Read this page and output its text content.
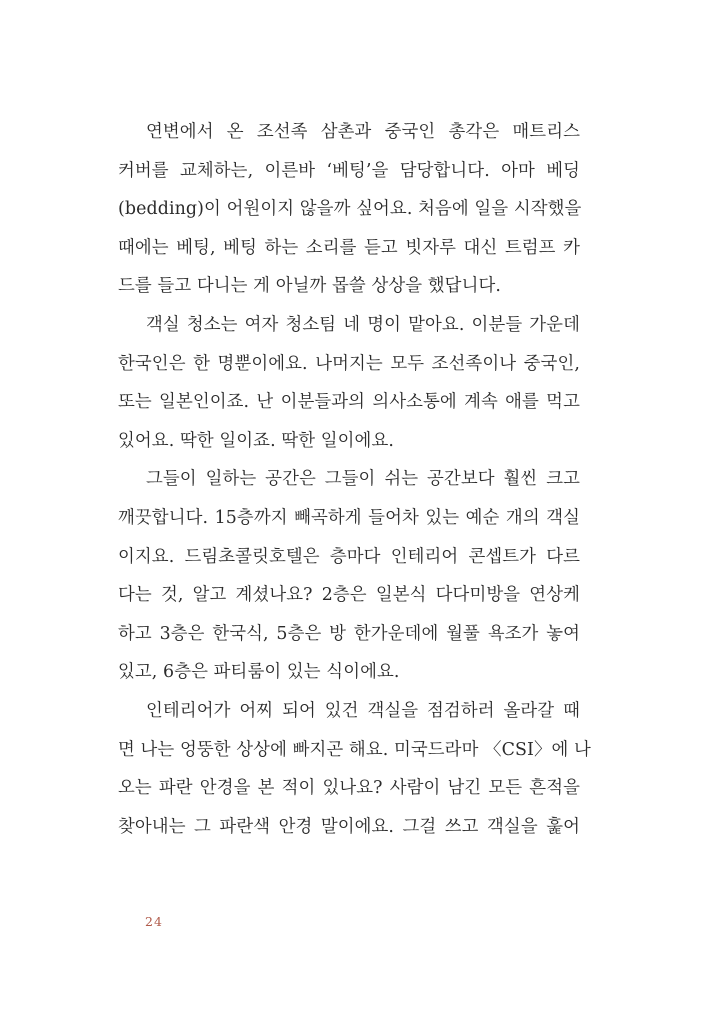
연변에서 온 조선족 삼촌과 중국인 총각은 매트리스
커버를 교체하는, 이른바 ‘베팅’을 담당합니다. 아마 베딩
(bedding)이 어원이지 않을까 싶어요. 처음에 일을 시작했을
때에는 베팅, 베팅 하는 소리를 듣고 빗자루 대신 트럼프 카
드를 들고 다니는 게 아닐까 몹쓸 상상을 했답니다.
객실 청소는 여자 청소팀 네 명이 맡아요. 이분들 가운데
한국인은 한 명뿐이에요. 나머지는 모두 조선족이나 중국인,
또는 일본인이죠. 난 이분들과의 의사소통에 계속 애를 먹고
있어요. 딱한 일이죠. 딱한 일이에요.
그들이 일하는 공간은 그들이 쉬는 공간보다 훨씬 크고
깨끗합니다. 15층까지 빼곡하게 들어차 있는 예순 개의 객실
이지요. 드림초콜릿호텔은 층마다 인테리어 콘셉트가 다르
다는 것, 알고 계셨나요? 2층은 일본식 다다미방을 연상케
하고 3층은 한국식, 5층은 방 한가운데에 월풀 욕조가 놓여
있고, 6층은 파티룸이 있는 식이에요.
인테리어가 어찌 되어 있건 객실을 점검하러 올라갈 때
면 나는 엉뚱한 상상에 빠지곤 해요. 미국드라마 〈CSI〉에 나
오는 파란 안경을 본 적이 있나요? 사람이 남긴 모든 흔적을
찾아내는 그 파란색 안경 말이에요. 그걸 쓰고 객실을 훑어
24
